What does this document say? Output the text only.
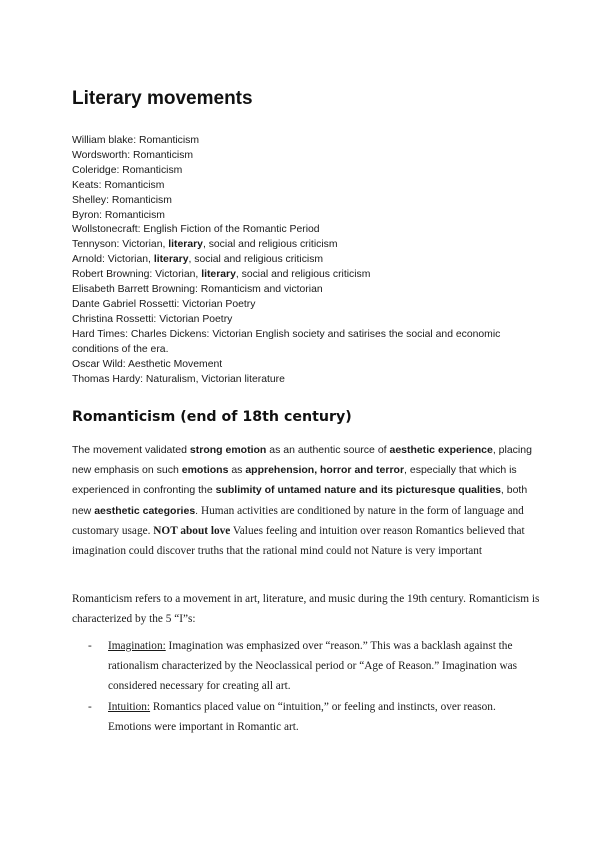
Literary movements
William blake: Romanticism
Wordsworth: Romanticism
Coleridge: Romanticism
Keats: Romanticism
Shelley: Romanticism
Byron: Romanticism
Wollstonecraft: English Fiction of the Romantic Period
Tennyson: Victorian, literary, social and religious criticism
Arnold: Victorian, literary, social and religious criticism
Robert Browning: Victorian, literary, social and religious criticism
Elisabeth Barrett Browning: Romanticism and victorian
Dante Gabriel Rossetti: Victorian Poetry
Christina Rossetti: Victorian Poetry
Hard Times: Charles Dickens: Victorian English society and satirises the social and economic conditions of the era.
Oscar Wild: Aesthetic Movement
Thomas Hardy: Naturalism, Victorian literature
Romanticism (end of 18th century)
The movement validated strong emotion as an authentic source of aesthetic experience, placing new emphasis on such emotions as apprehension, horror and terror, especially that which is experienced in confronting the sublimity of untamed nature and its picturesque qualities, both new aesthetic categories. Human activities are conditioned by nature in the form of language and customary usage. NOT about love Values feeling and intuition over reason Romantics believed that imagination could discover truths that the rational mind could not Nature is very important
Romanticism refers to a movement in art, literature, and music during the 19th century. Romanticism is characterized by the 5 “I”s:
- Imagination: Imagination was emphasized over “reason.” This was a backlash against the rationalism characterized by the Neoclassical period or “Age of Reason.” Imagination was considered necessary for creating all art.
- Intuition: Romantics placed value on “intuition,” or feeling and instincts, over reason. Emotions were important in Romantic art.
